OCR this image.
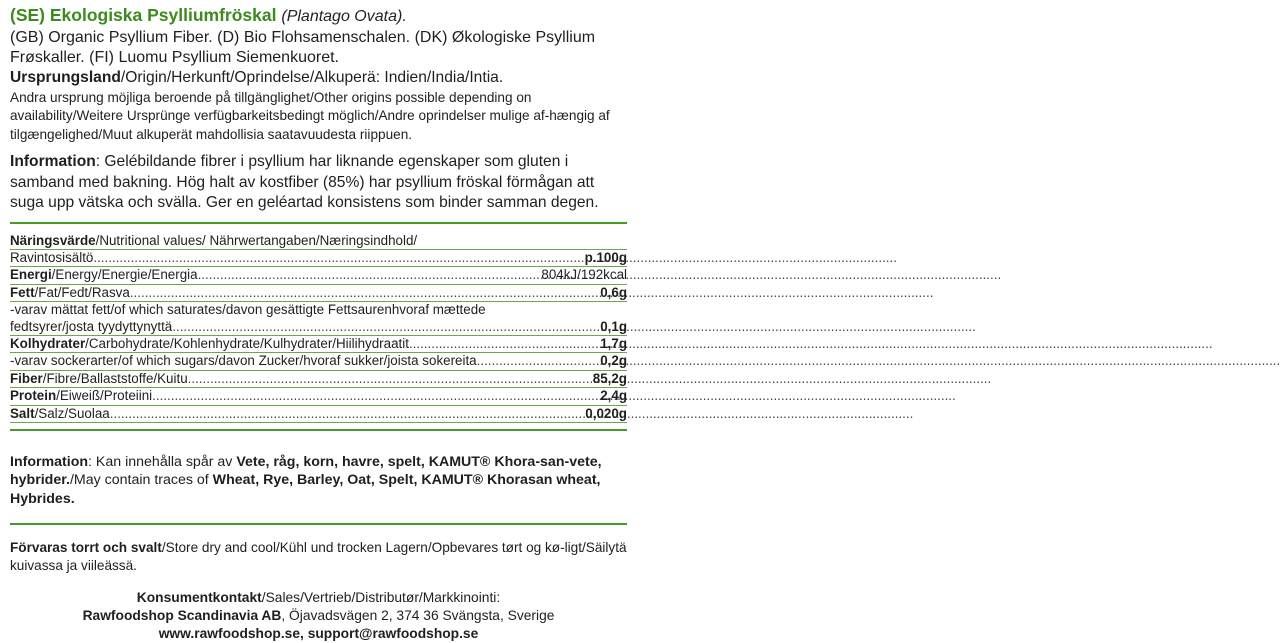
(SE) Ekologiska Psylliumfröskal (Plantago Ovata).

(GB) Organic Psyllium Fiber. (D) Bio Flohsamenschalen. (DK) Økologiske Psyllium Frøskaller. (FI) Luomu Psyllium Siemenkuoret.

Ursprungsland/Origin/Herkunft/Oprindelse/Alkuperä: Indien/India/Intia.

Andra ursprung möjliga beroende på tillgänglighet/Other origins possible depending on availability/Weitere Ursprünge verfügbarkeitsbedingt möglich/Andre oprindelser mulige af-hængig af tilgængelighed/Muut alkuperät mahdollisia saatavuudesta riippuen.

Information: Gelébildande fibrer i psyllium har liknande egenskaper som gluten i samband med bakning. Hög halt av kostfiber (85%) har psyllium fröskal förmågan att suga upp vätska och svälla. Ger en geléartad konsistens som binder samman degen.

Näringsvärde/Nutritional values/ Nährwertangaben/Næringsindhold/
Ravintosisältö .....	p.100g
Energi/Energy/Energie/Energia .....	804kJ/192kcal
Fett/Fat/Fedt/Rasva .....	0,6g
-varav mättat fett/of which saturates/davon gesättigte Fettsaurenhvoraf mættede
fedtsyrer/josta tyydyttynyttä .....	0,1g
Kolhydrater/Carbohydrate/Kohlenhydrate/Kulhydrater/Hiilihydraatit .....	1,7g
-varav sockerarter/of which sugars/davon Zucker/hvoraf sukker/joista sokereita .....	0,2g
Fiber/Fibre/Ballaststoffe/Kuitu .....	85,2g
Protein/Eiweiß/Proteiini .....	2,4g
Salt/Salz/Suolaa .....	0,020g

Information: Kan innehålla spår av Vete, råg, korn, havre, spelt, KAMUT® Khora-san-vete, hybrider./May contain traces of Wheat, Rye, Barley, Oat, Spelt, KAMUT® Khorasan wheat, Hybrides.

Förvaras torrt och svalt/Store dry and cool/Kühl und trocken Lagern/Opbevares tørt og kø-ligt/Säilytä kuivassa ja viileässä.

Konsumentkontakt/Sales/Vertrieb/Distributør/Markkinointi:
Rawfoodshop Scandinavia AB, Öjavadsvägen 2, 374 36 Svängsta, Sverige
www.rawfoodshop.se, support@rawfoodshop.se
